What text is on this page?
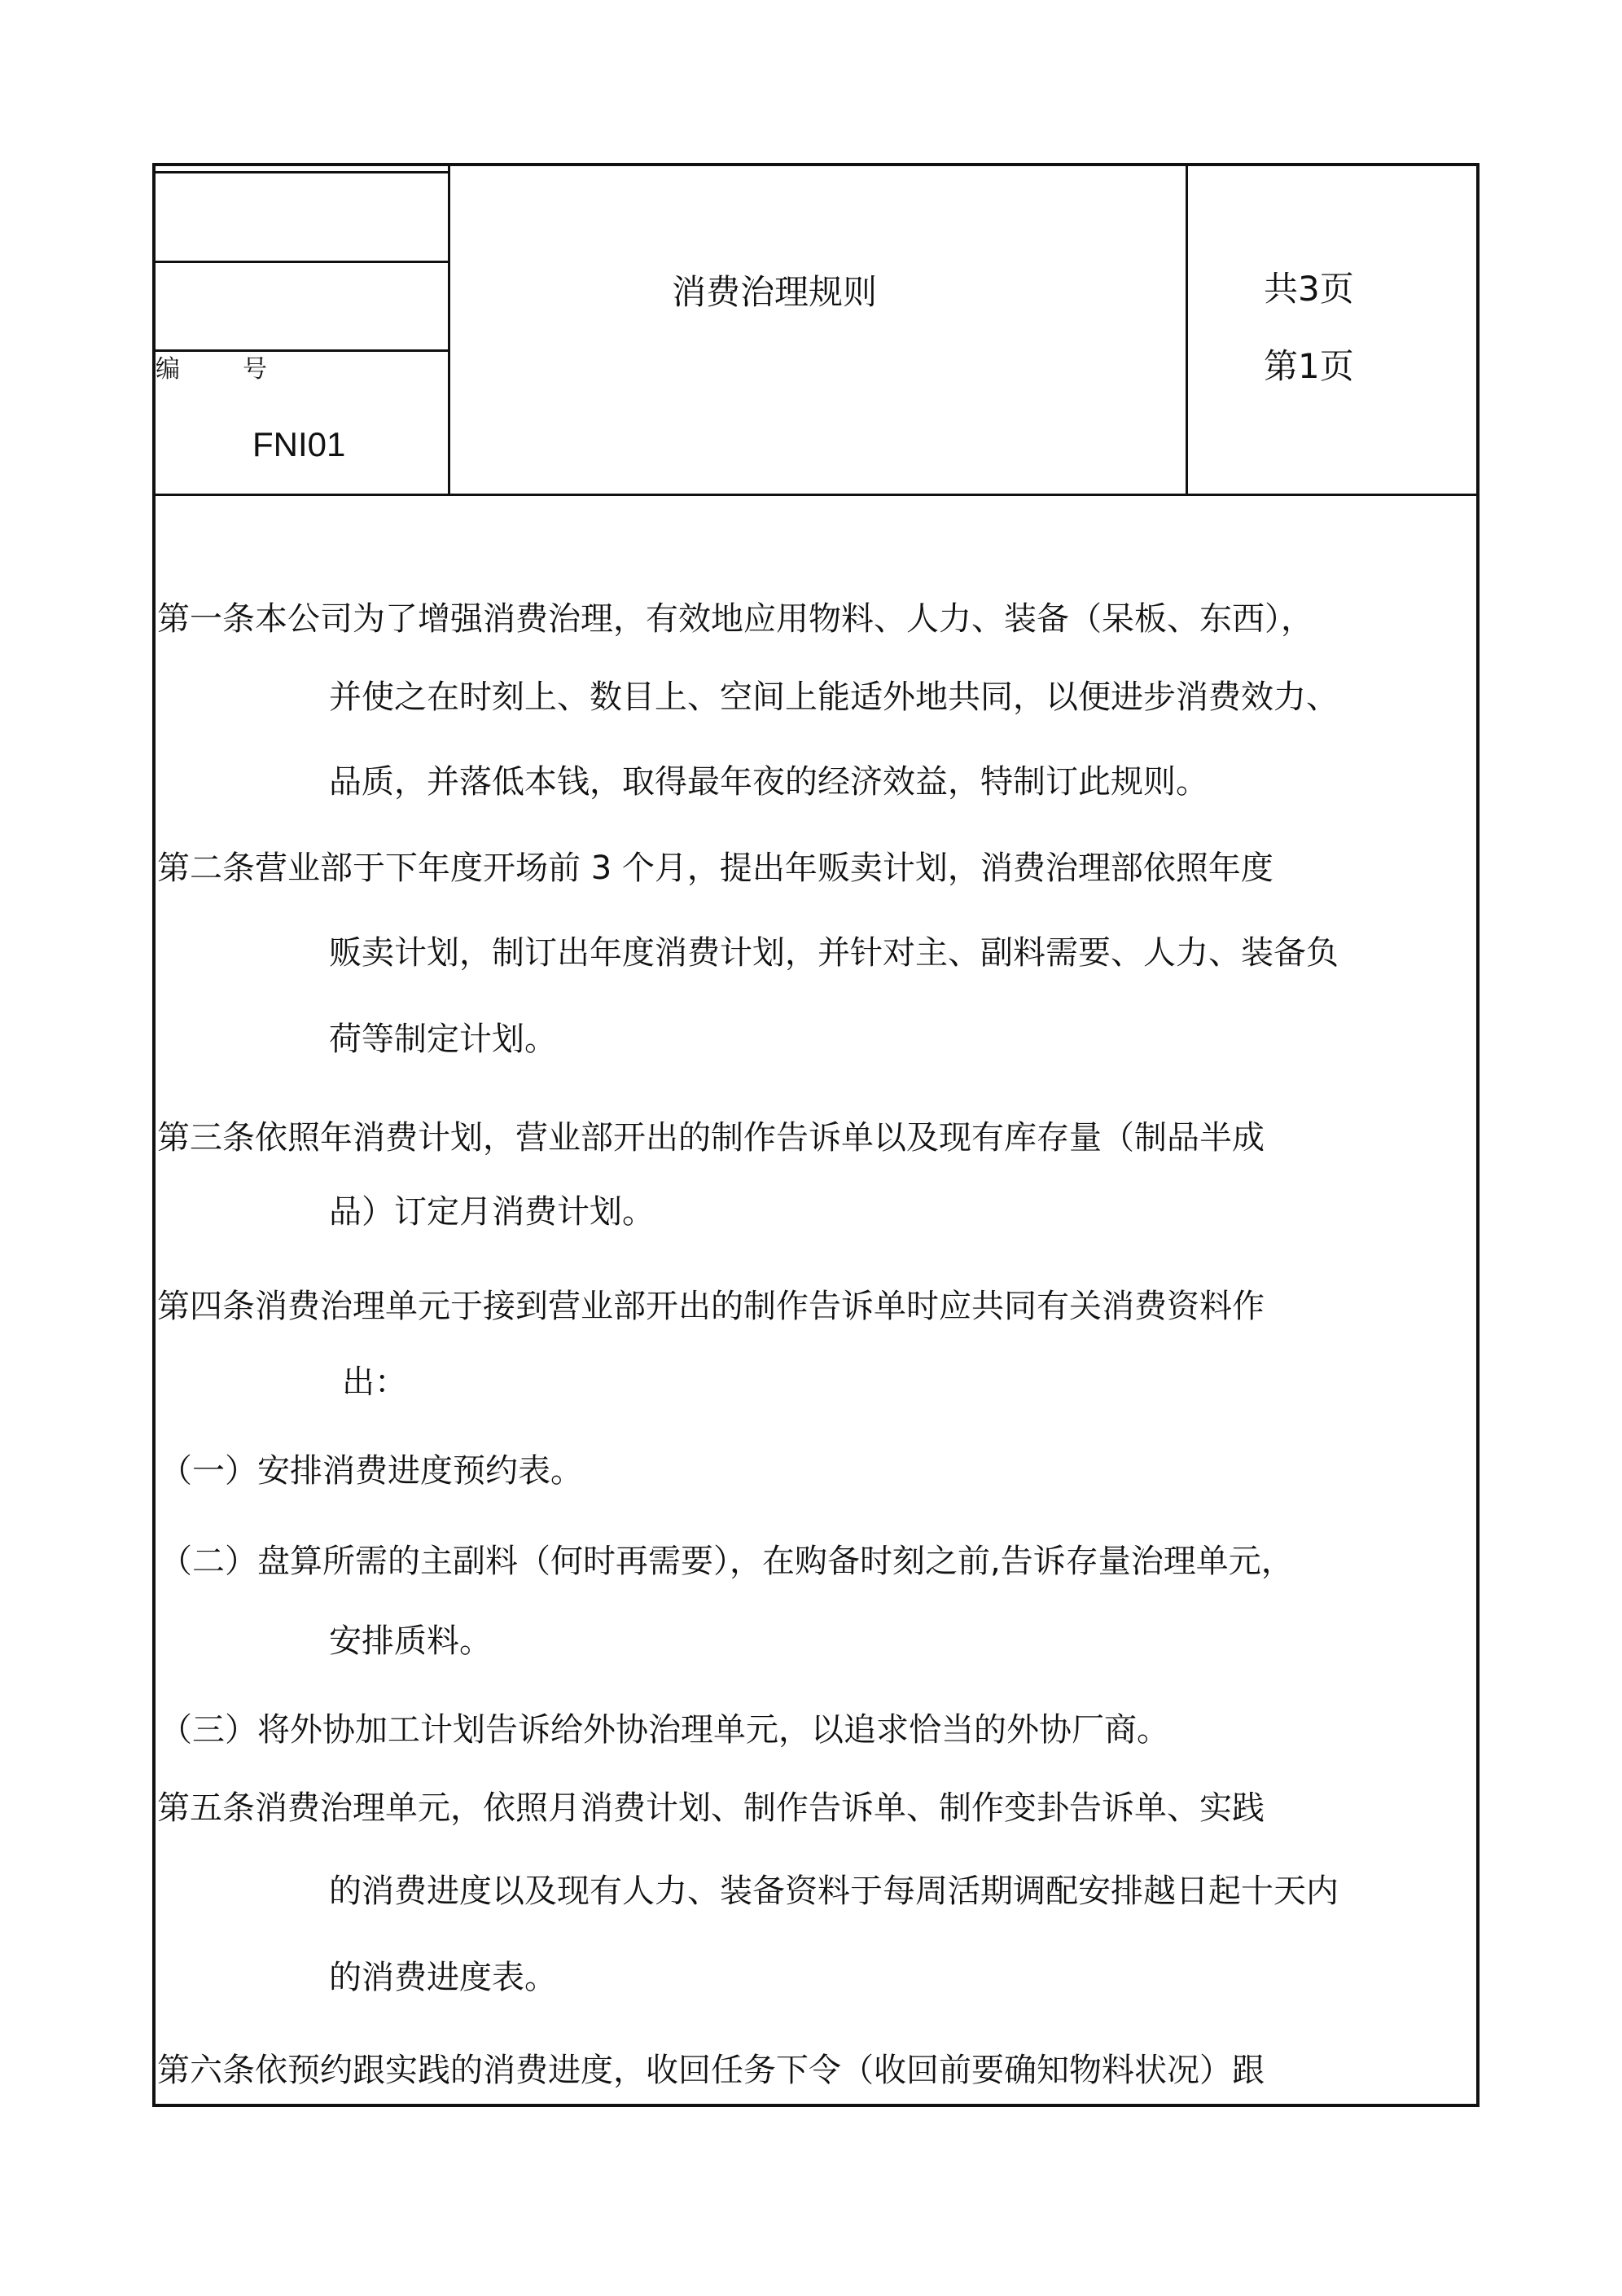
编	号
FNI01
消费治理规则	共3页
第1页
第一条本公司为了增强消费治理，有效地应用物料、人力、装备（呆板、东西），
并使之在时刻上、数目上、空间上能适外地共同，以便进步消费效力、
品质，并落低本钱，取得最年夜的经济效益，特制订此规则。
第二条营业部于下年度开场前 3 个月，提出年贩卖计划，消费治理部依照年度
贩卖计划，制订出年度消费计划，并针对主、副料需要、人力、装备负
荷等制定计划。
第三条依照年消费计划，营业部开出的制作告诉单以及现有库存量（制品半成
品）订定月消费计划。
第四条消费治理单元于接到营业部开出的制作告诉单时应共同有关消费资料作
出：
（一）安排消费进度预约表。
（二）盘算所需的主副料（何时再需要），在购备时刻之前,告诉存量治理单元，
安排质料。
（三）将外协加工计划告诉给外协治理单元，以追求恰当的外协厂商。
第五条消费治理单元，依照月消费计划、制作告诉单、制作变卦告诉单、实践
的消费进度以及现有人力、装备资料于每周活期调配安排越日起十天内
的消费进度表。
第六条依预约跟实践的消费进度，收回任务下令（收回前要确知物料状况）跟
